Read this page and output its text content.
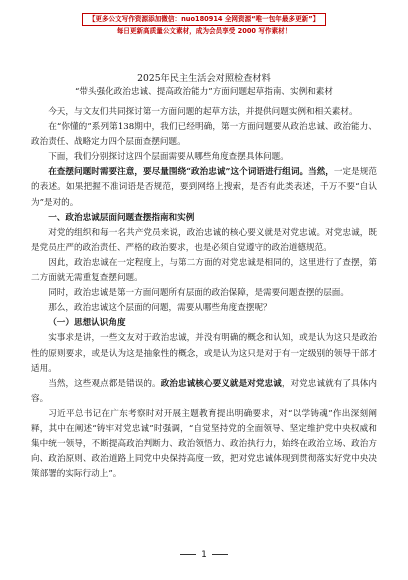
【更多公文写作资源添加微信：nuo180914 全网资源“唯一包年最多更新”】
每日更新高质量公文素材，成为会员享受 2000 写作素材！
2025年民主生活会对照检查材料
“带头强化政治忠诚、提高政治能力”方面问题起草指南、实例和素材

今天，与文友们共同探讨第一方面问题的起草方法，并提供问题实例和相关素材。

在“你懂的”系列第138期中，我们已经明确，第一方面问题要从政治忠诚、政治能力、政治责任、战略定力四个层面查摆问题。

下面，我们分别探讨这四个层面需要从哪些角度查摆具体问题。

在查摆问题时需要注意，要尽量围绕“政治忠诚”这个词语进行组词。当然，一定是规范的表述。如果把握不准词语是否规范，要到网络上搜索，是否有此类表述，千万不要“自认为”是对的。

一、政治忠诚层面问题查摆指南和实例

对党的组织和每一名共产党员来说，政治忠诚的核心要义就是对党忠诚。对党忠诚，既是党员庄严的政治责任、严格的政治要求，也是必须自觉遵守的政治道德规范。

因此，政治忠诚在一定程度上，与第二方面的对党忠诚是相同的，这里进行了查摆，第二方面就无需重复查摆问题。

同时，政治忠诚是第一方面问题所有层面的政治保障，是需要问题查摆的层面。

那么，政治忠诚这个层面的问题，需要从哪些角度查摆呢？

（一）思想认识角度

实事求是讲，一些文友对于政治忠诚，并没有明确的概念和认知，或是认为这只是政治性的原则要求，或是认为这是抽象性的概念，或是认为这只是对于有一定级别的领导干部才适用。

当然，这些观点都是错误的。政治忠诚核心要义就是对党忠诚，对党忠诚就有了具体内容。

习近平总书记在广东考察时对开展主题教育提出明确要求，对“以学铸魂”作出深刻阐释，其中在阐述“铸牢对党忠诚”时强调，“自觉坚持党的全面领导、坚定维护党中央权威和集中统一领导，不断提高政治判断力、政治领悟力、政治执行力，始终在政治立场、政治方向、政治原则、政治道路上同党中央保持高度一致，把对党忠诚体现到贯彻落实好党中央决策部署的实际行动上”。

1
